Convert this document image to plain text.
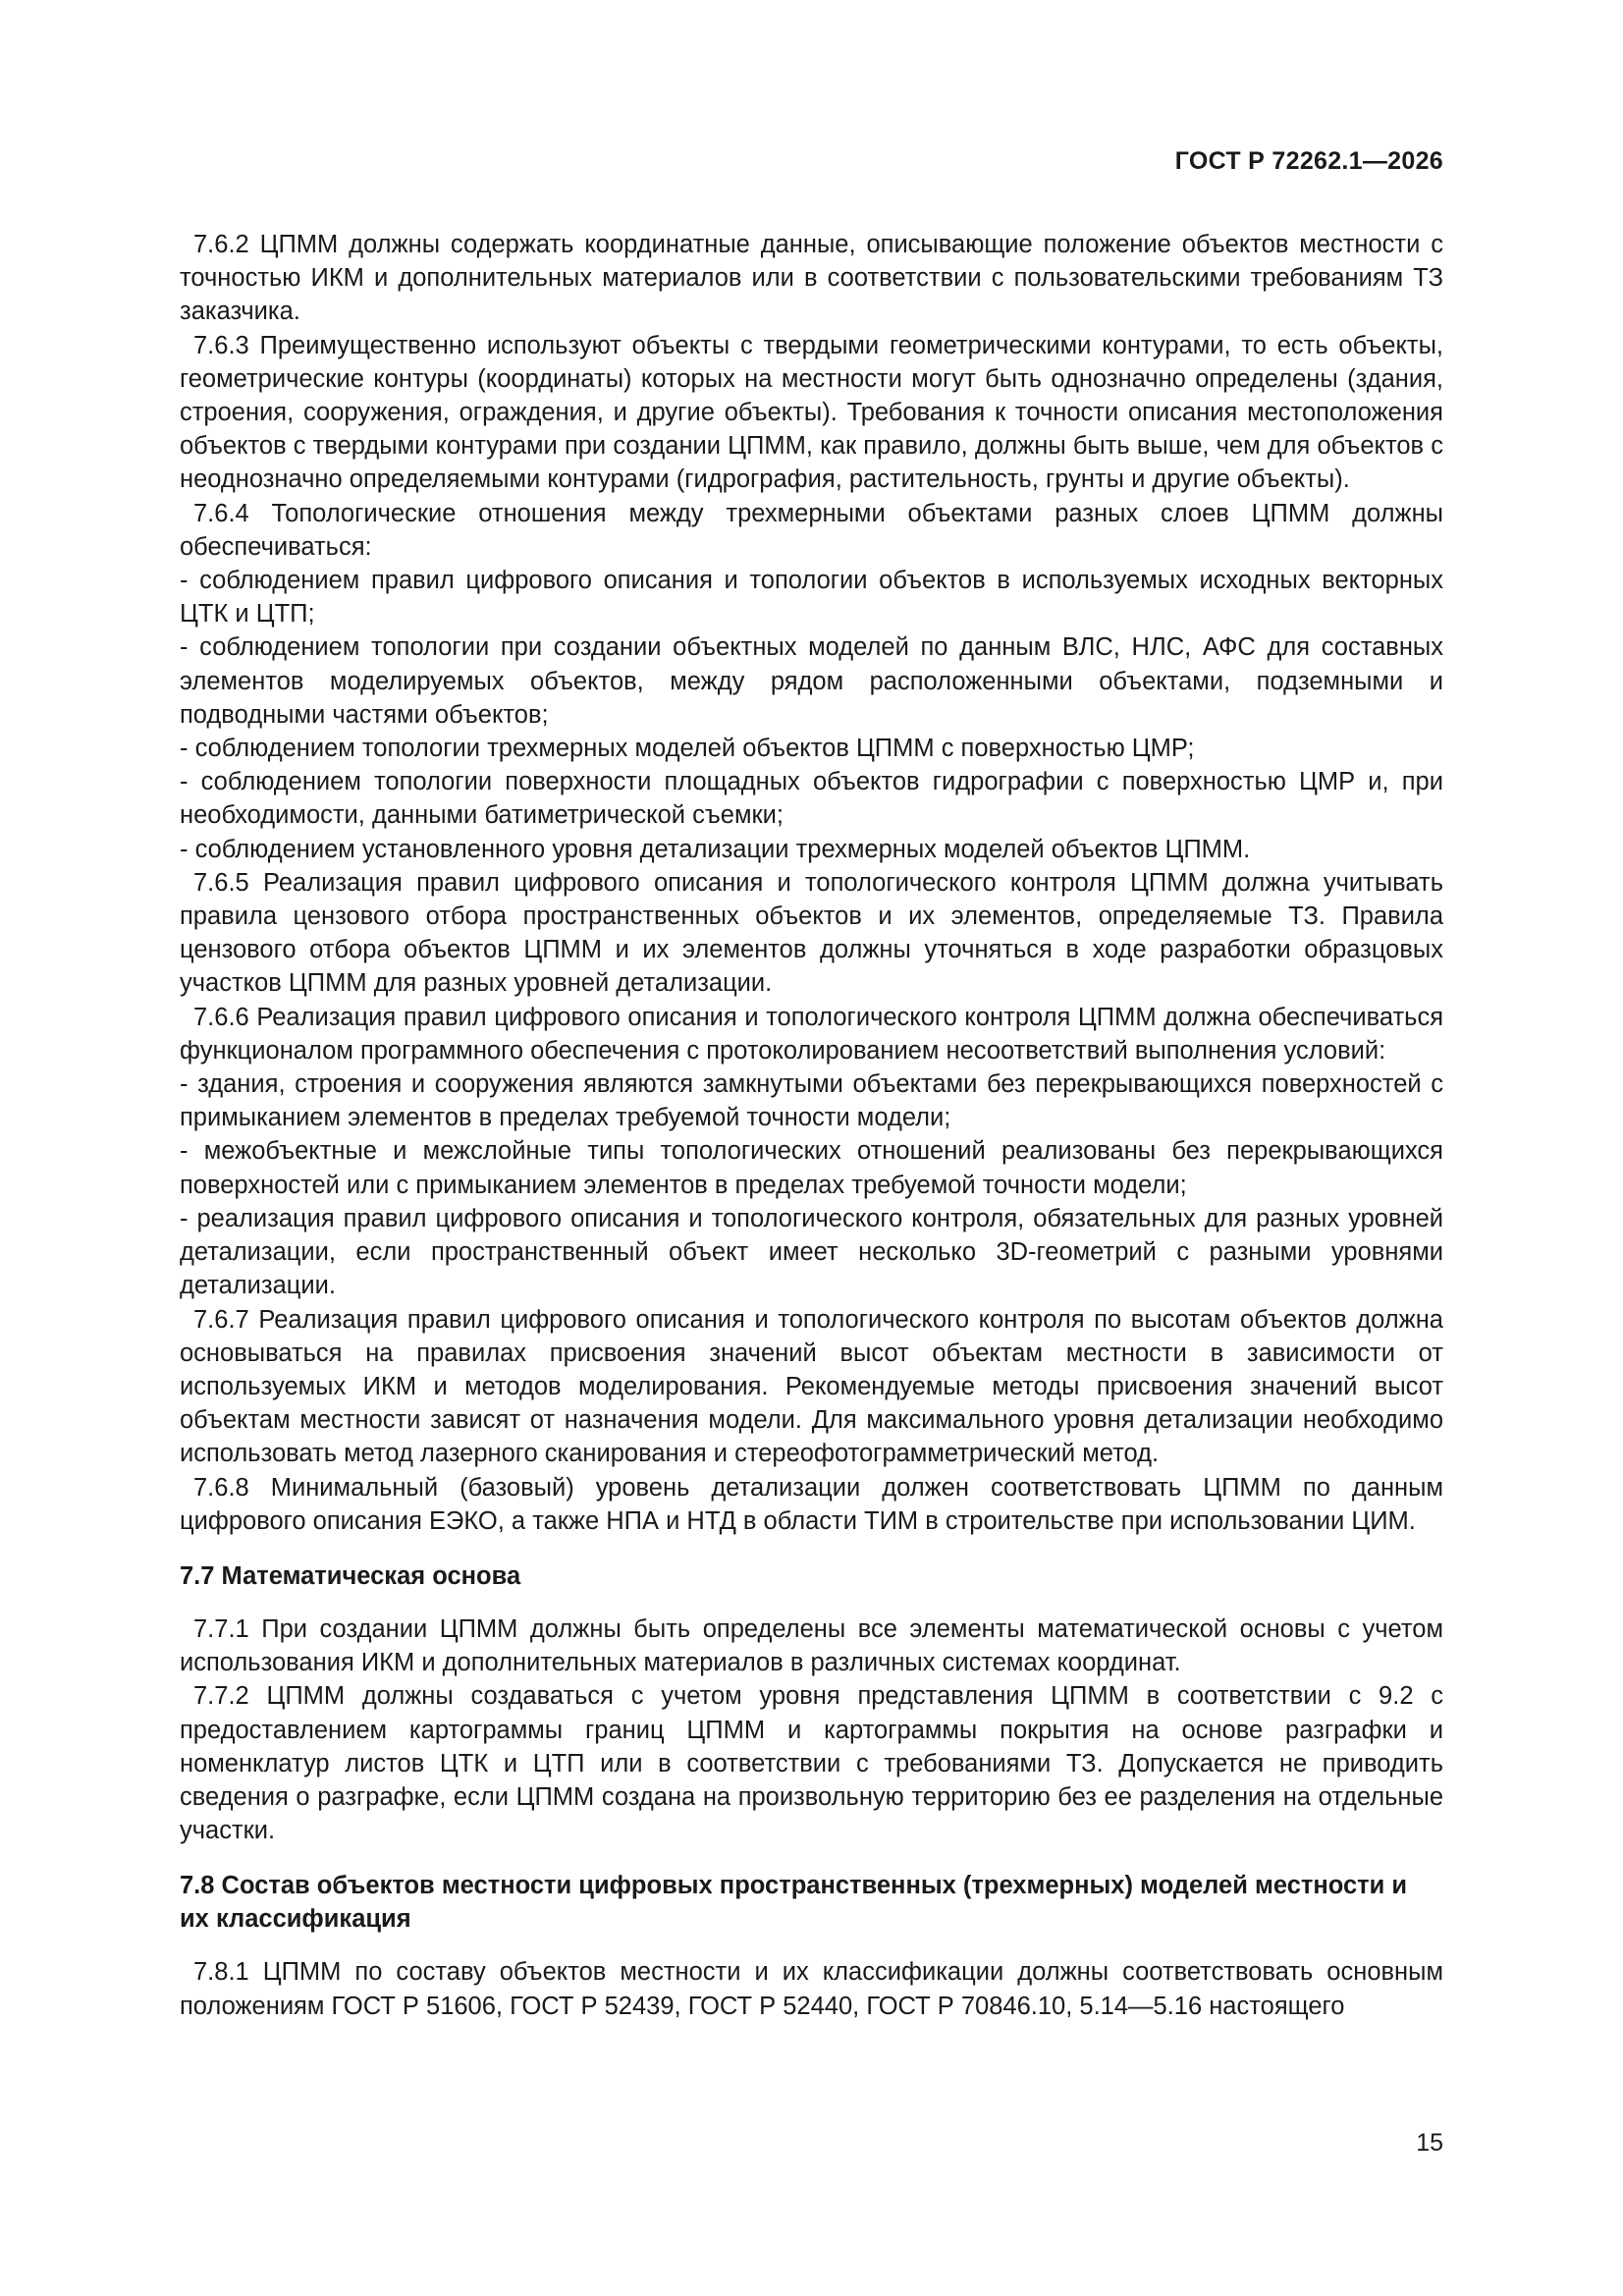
ГОСТ Р 72262.1—2026

7.6.2 ЦПММ должны содержать координатные данные, описывающие положение объектов местности с точностью ИКМ и дополнительных материалов или в соответствии с пользовательскими требованиям ТЗ заказчика.

7.6.3 Преимущественно используют объекты с твердыми геометрическими контурами, то есть объекты, геометрические контуры (координаты) которых на местности могут быть однозначно определены (здания, строения, сооружения, ограждения, и другие объекты). Требования к точности описания местоположения объектов с твердыми контурами при создании ЦПММ, как правило, должны быть выше, чем для объектов с неоднозначно определяемыми контурами (гидрография, растительность, грунты и другие объекты).

7.6.4 Топологические отношения между трехмерными объектами разных слоев ЦПММ должны обеспечиваться:

- соблюдением правил цифрового описания и топологии объектов в используемых исходных векторных ЦТК и ЦТП;

- соблюдением топологии при создании объектных моделей по данным ВЛС, НЛС, АФС для составных элементов моделируемых объектов, между рядом расположенными объектами, подземными и подводными частями объектов;

- соблюдением топологии трехмерных моделей объектов ЦПММ с поверхностью ЦМР;

- соблюдением топологии поверхности площадных объектов гидрографии с поверхностью ЦМР и, при необходимости, данными батиметрической съемки;

- соблюдением установленного уровня детализации трехмерных моделей объектов ЦПММ.

7.6.5 Реализация правил цифрового описания и топологического контроля ЦПММ должна учитывать правила цензового отбора пространственных объектов и их элементов, определяемые ТЗ. Правила цензового отбора объектов ЦПММ и их элементов должны уточняться в ходе разработки образцовых участков ЦПММ для разных уровней детализации.

7.6.6 Реализация правил цифрового описания и топологического контроля ЦПММ должна обеспечиваться функционалом программного обеспечения с протоколированием несоответствий выполнения условий:

- здания, строения и сооружения являются замкнутыми объектами без перекрывающихся поверхностей с примыканием элементов в пределах требуемой точности модели;

- межобъектные и межслойные типы топологических отношений реализованы без перекрывающихся поверхностей или с примыканием элементов в пределах требуемой точности модели;

- реализация правил цифрового описания и топологического контроля, обязательных для разных уровней детализации, если пространственный объект имеет несколько 3D-геометрий с разными уровнями детализации.

7.6.7 Реализация правил цифрового описания и топологического контроля по высотам объектов должна основываться на правилах присвоения значений высот объектам местности в зависимости от используемых ИКМ и методов моделирования. Рекомендуемые методы присвоения значений высот объектам местности зависят от назначения модели. Для максимального уровня детализации необходимо использовать метод лазерного сканирования и стереофотограмметрический метод.

7.6.8 Минимальный (базовый) уровень детализации должен соответствовать ЦПММ по данным цифрового описания ЕЭКО, а также НПА и НТД в области ТИМ в строительстве при использовании ЦИМ.

7.7 Математическая основа

7.7.1 При создании ЦПММ должны быть определены все элементы математической основы с учетом использования ИКМ и дополнительных материалов в различных системах координат.

7.7.2 ЦПММ должны создаваться с учетом уровня представления ЦПММ в соответствии с 9.2 с предоставлением картограммы границ ЦПММ и картограммы покрытия на основе разграфки и номенклатур листов ЦТК и ЦТП или в соответствии с требованиями ТЗ. Допускается не приводить сведения о разграфке, если ЦПММ создана на произвольную территорию без ее разделения на отдельные участки.

7.8 Состав объектов местности цифровых пространственных (трехмерных) моделей местности и их классификация

7.8.1 ЦПММ по составу объектов местности и их классификации должны соответствовать основным положениям ГОСТ Р 51606, ГОСТ Р 52439, ГОСТ Р 52440, ГОСТ Р 70846.10, 5.14—5.16 настоящего

15
